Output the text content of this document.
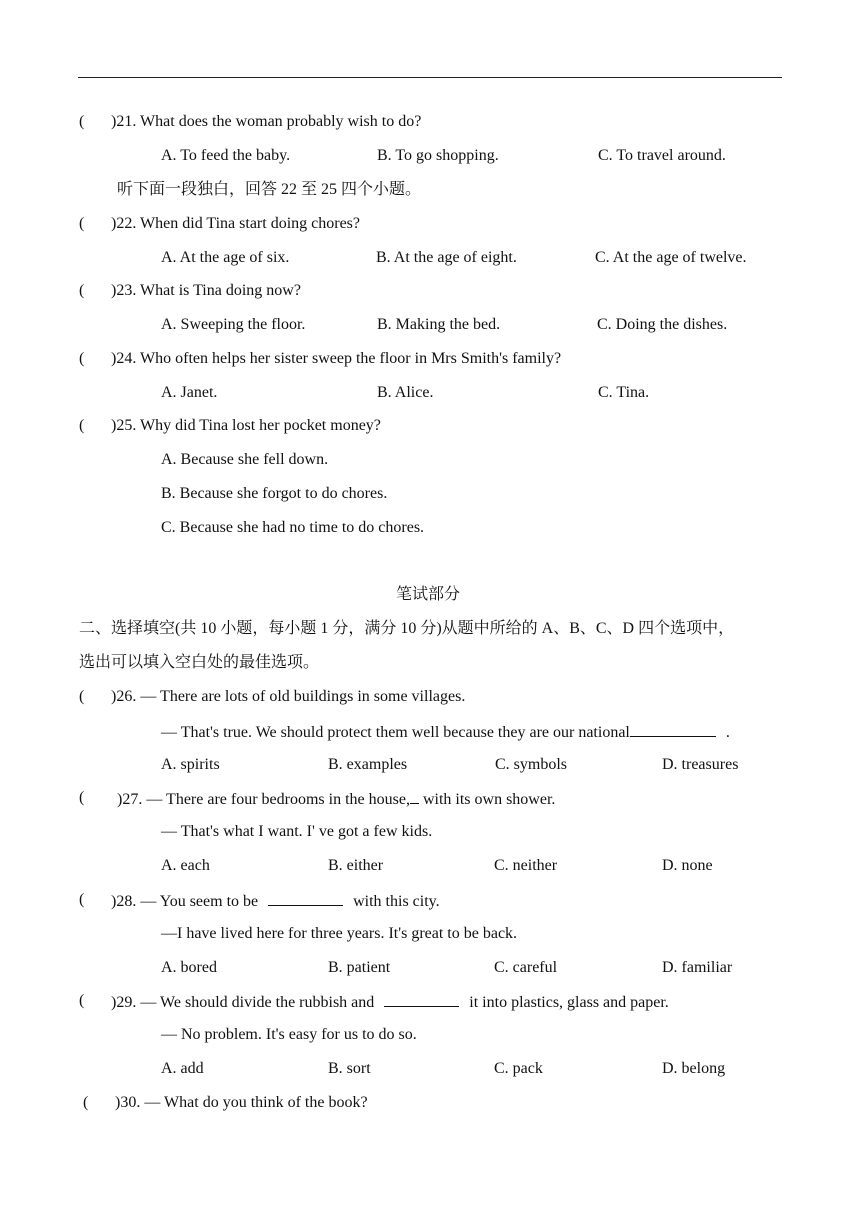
( )21. What does the woman probably wish to do?
A. To feed the baby.	B. To go shopping.	C. To travel around.
听下面一段独白，回答 22 至 25 四个小题。
( )22. When did Tina start doing chores?
A. At the age of six.	B. At the age of eight.	C. At the age of twelve.
( )23. What is Tina doing now?
A. Sweeping the floor.	B. Making the bed.	C. Doing the dishes.
( )24. Who often helps her sister sweep the floor in Mrs Smith's family?
A. Janet.	B. Alice.	C. Tina.
( )25. Why did Tina lost her pocket money?
A. Because she fell down.
B. Because she forgot to do chores.
C. Because she had no time to do chores.
笔试部分
二、选择填空(共 10 小题，每小题 1 分，满分 10 分)从题中所给的 A、B、C、D 四个选项中，
选出可以填入空白处的最佳选项。
( )26. — There are lots of old buildings in some villages.
— That's true. We should protect them well because they are our national	.
A. spirits	B. examples	C. symbols	D. treasures
( )27. — There are four bedrooms in the house, with its own shower.
— That's what I want. I' ve got a few kids.
A. each	B. either	C. neither	D. none
( )28. — You seem to be	with this city.
—I have lived here for three years. It's great to be back.
A. bored	B. patient	C. careful	D. familiar
( )29. — We should divide the rubbish and	it into plastics, glass and paper.
— No problem. It's easy for us to do so.
A. add	B. sort	C. pack	D. belong
( )30. — What do you think of the book?
